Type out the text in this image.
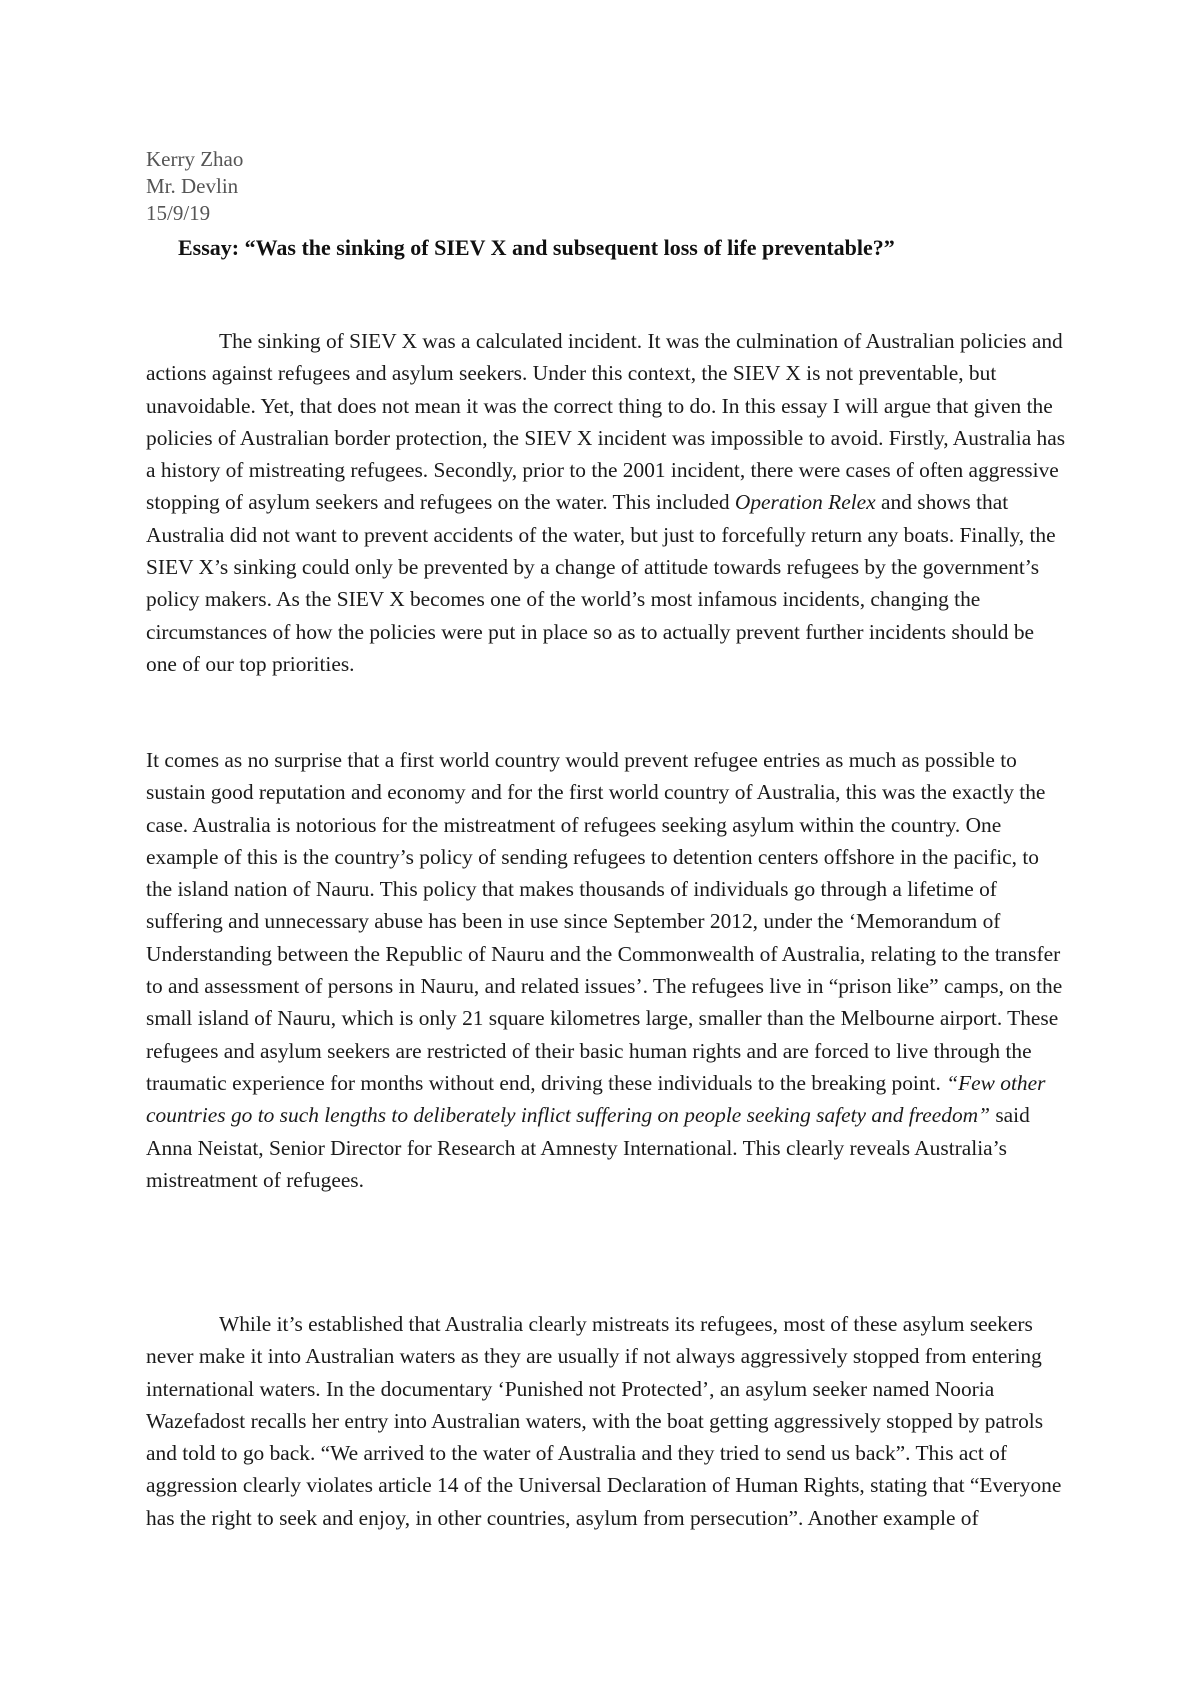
Kerry Zhao
Mr. Devlin
15/9/19
Essay: “Was the sinking of SIEV X and subsequent loss of life preventable?”

The sinking of SIEV X was a calculated incident. It was the culmination of Australian policies and actions against refugees and asylum seekers. Under this context, the SIEV X is not preventable, but unavoidable. Yet, that does not mean it was the correct thing to do. In this essay I will argue that given the policies of Australian border protection, the SIEV X incident was impossible to avoid. Firstly, Australia has a history of mistreating refugees. Secondly, prior to the 2001 incident, there were cases of often aggressive stopping of asylum seekers and refugees on the water. This included Operation Relex and shows that Australia did not want to prevent accidents of the water, but just to forcefully return any boats. Finally, the SIEV X’s sinking could only be prevented by a change of attitude towards refugees by the government’s policy makers. As the SIEV X becomes one of the world’s most infamous incidents, changing the circumstances of how the policies were put in place so as to actually prevent further incidents should be one of our top priorities.

It comes as no surprise that a first world country would prevent refugee entries as much as possible to sustain good reputation and economy and for the first world country of Australia, this was the exactly the case. Australia is notorious for the mistreatment of refugees seeking asylum within the country. One example of this is the country’s policy of sending refugees to detention centers offshore in the pacific, to the island nation of Nauru. This policy that makes thousands of individuals go through a lifetime of suffering and unnecessary abuse has been in use since September 2012, under the ‘Memorandum of Understanding between the Republic of Nauru and the Commonwealth of Australia, relating to the transfer to and assessment of persons in Nauru, and related issues’. The refugees live in “prison like” camps, on the small island of Nauru, which is only 21 square kilometres large, smaller than the Melbourne airport. These refugees and asylum seekers are restricted of their basic human rights and are forced to live through the traumatic experience for months without end, driving these individuals to the breaking point. “Few other countries go to such lengths to deliberately inflict suffering on people seeking safety and freedom” said Anna Neistat, Senior Director for Research at Amnesty International. This clearly reveals Australia’s mistreatment of refugees.

While it’s established that Australia clearly mistreats its refugees, most of these asylum seekers never make it into Australian waters as they are usually if not always aggressively stopped from entering international waters. In the documentary ‘Punished not Protected’, an asylum seeker named Nooria Wazefadost recalls her entry into Australian waters, with the boat getting aggressively stopped by patrols and told to go back. “We arrived to the water of Australia and they tried to send us back”. This act of aggression clearly violates article 14 of the Universal Declaration of Human Rights, stating that “Everyone has the right to seek and enjoy, in other countries, asylum from persecution”. Another example of
